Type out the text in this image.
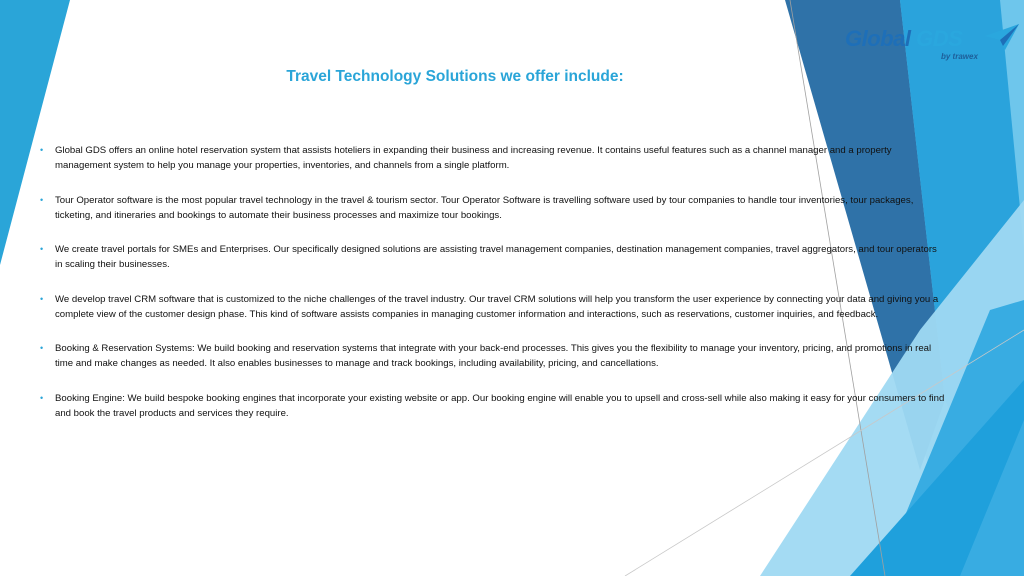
Global GDS
by trawex
Travel Technology Solutions we offer include:
• Global GDS offers an online hotel reservation system that assists hoteliers in expanding their business and increasing revenue. It contains useful features such as a channel manager and a property management system to help you manage your properties, inventories, and channels from a single platform.
• Tour Operator software is the most popular travel technology in the travel & tourism sector. Tour Operator Software is travelling software used by tour companies to handle tour inventories, tour packages, ticketing, and itineraries and bookings to automate their business processes and maximize tour bookings.
• We create travel portals for SMEs and Enterprises. Our specifically designed solutions are assisting travel management companies, destination management companies, travel aggregators, and tour operators in scaling their businesses.
• We develop travel CRM software that is customized to the niche challenges of the travel industry. Our travel CRM solutions will help you transform the user experience by connecting your data and giving you a complete view of the customer design phase. This kind of software assists companies in managing customer information and interactions, such as reservations, customer inquiries, and feedback.
• Booking & Reservation Systems: We build booking and reservation systems that integrate with your back-end processes. This gives you the flexibility to manage your inventory, pricing, and promotions in real time and make changes as needed. It also enables businesses to manage and track bookings, including availability, pricing, and cancellations.
• Booking Engine: We build bespoke booking engines that incorporate your existing website or app. Our booking engine will enable you to upsell and cross-sell while also making it easy for your consumers to find and book the travel products and services they require.
